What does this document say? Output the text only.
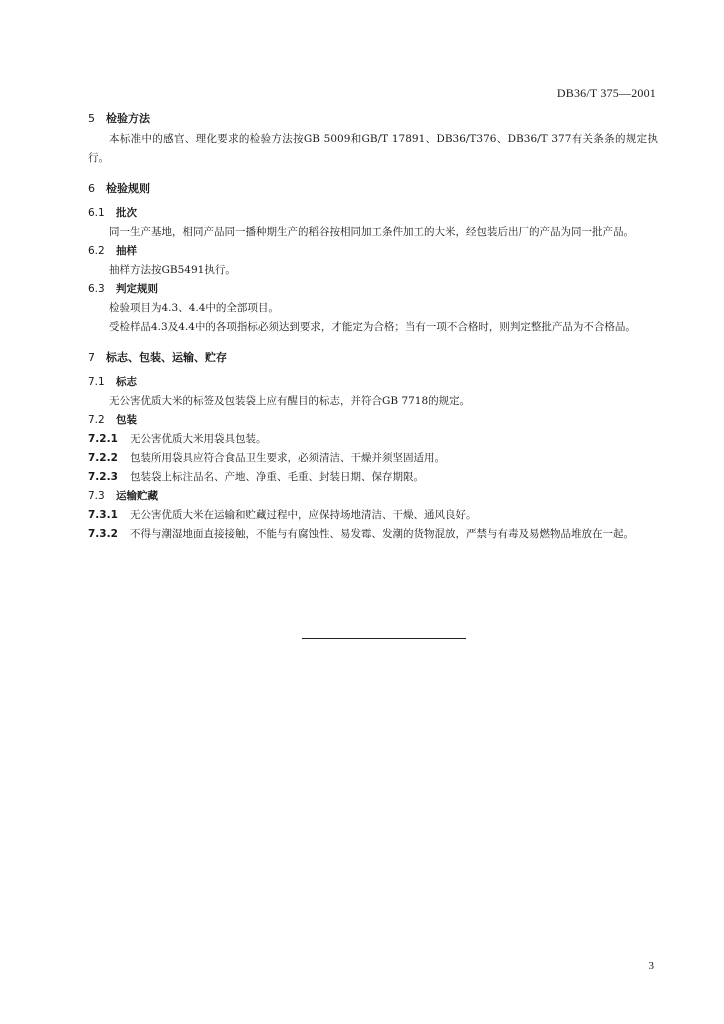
DB36/T 375—2001
5 检验方法
本标准中的感官、理化要求的检验方法按GB 5009和GB/T 17891、DB36/T376、DB36/T 377有关条条的规定执行。
6 检验规则
6.1 批次
同一生产基地，相同产品同一播种期生产的稻谷按相同加工条件加工的大米，经包装后出厂的产品为同一批产品。
6.2 抽样
抽样方法按GB5491执行。
6.3 判定规则
检验项目为4.3、4.4中的全部项目。
受检样品4.3及4.4中的各项指标必须达到要求，才能定为合格；当有一项不合格时，则判定整批产品为不合格品。
7 标志、包装、运输、贮存
7.1 标志
无公害优质大米的标签及包装袋上应有醒目的标志，并符合GB 7718的规定。
7.2 包装
7.2.1 无公害优质大米用袋具包装。
7.2.2 包装所用袋具应符合食品卫生要求，必须清洁、干燥并须坚固适用。
7.2.3 包装袋上标注品名、产地、净重、毛重、封装日期、保存期限。
7.3 运输贮藏
7.3.1 无公害优质大米在运输和贮藏过程中，应保持场地清洁、干燥、通风良好。
7.3.2 不得与潮湿地面直接接触，不能与有腐蚀性、易发霉、发潮的货物混放，严禁与有毒及易燃物品堆放在一起。
3
